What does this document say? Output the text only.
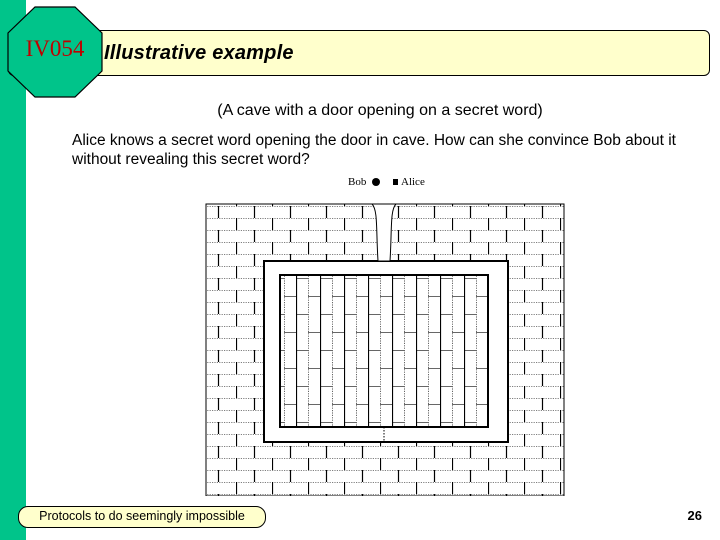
IV054 Illustrative example
(A cave with a door opening on a secret word)
Alice knows a secret word opening the door in cave. How can she convince Bob about it without revealing this secret word?
Bob	Alice
Protocols to do seemingly impossible	26
